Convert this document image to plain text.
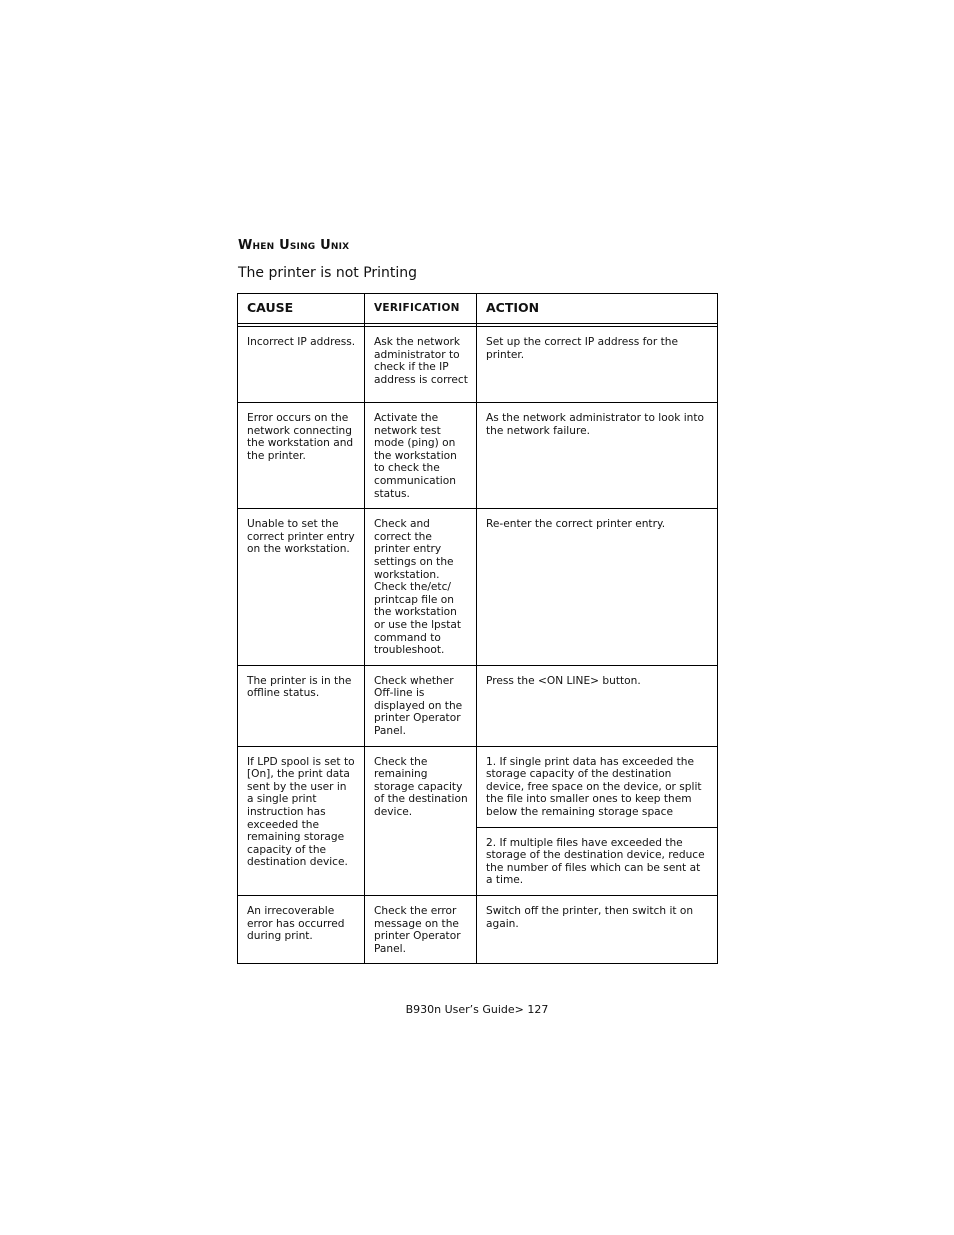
When Using Unix
The printer is not Printing
CAUSE	VERIFICATION	ACTION

Incorrect IP address.	Ask the network administrator to check if the IP address is correct	Set up the correct IP address for the printer.
Error occurs on the network connecting the workstation and the printer.	Activate the network test mode (ping) on the workstation to check the communication status.	As the network administrator to look into the network failure.
Unable to set the correct printer entry on the workstation.	Check and correct the printer entry settings on the workstation. Check the/etc/ printcap file on the workstation or use the lpstat command to troubleshoot.	Re-enter the correct printer entry.
The printer is in the offline status.	Check whether Off-line is displayed on the printer Operator Panel.	Press the <ON LINE> button.
If LPD spool is set to [On], the print data sent by the user in a single print instruction has exceeded the remaining storage capacity of the destination device.	Check the remaining storage capacity of the destination device.	1. If single print data has exceeded the storage capacity of the destination device, free space on the device, or split the file into smaller ones to keep them below the remaining storage space
		2. If multiple files have exceeded the storage of the destination device, reduce the number of files which can be sent at a time.
An irrecoverable error has occurred during print.	Check the error message on the printer Operator Panel.	Switch off the printer, then switch it on again.
B930n User’s Guide> 127
